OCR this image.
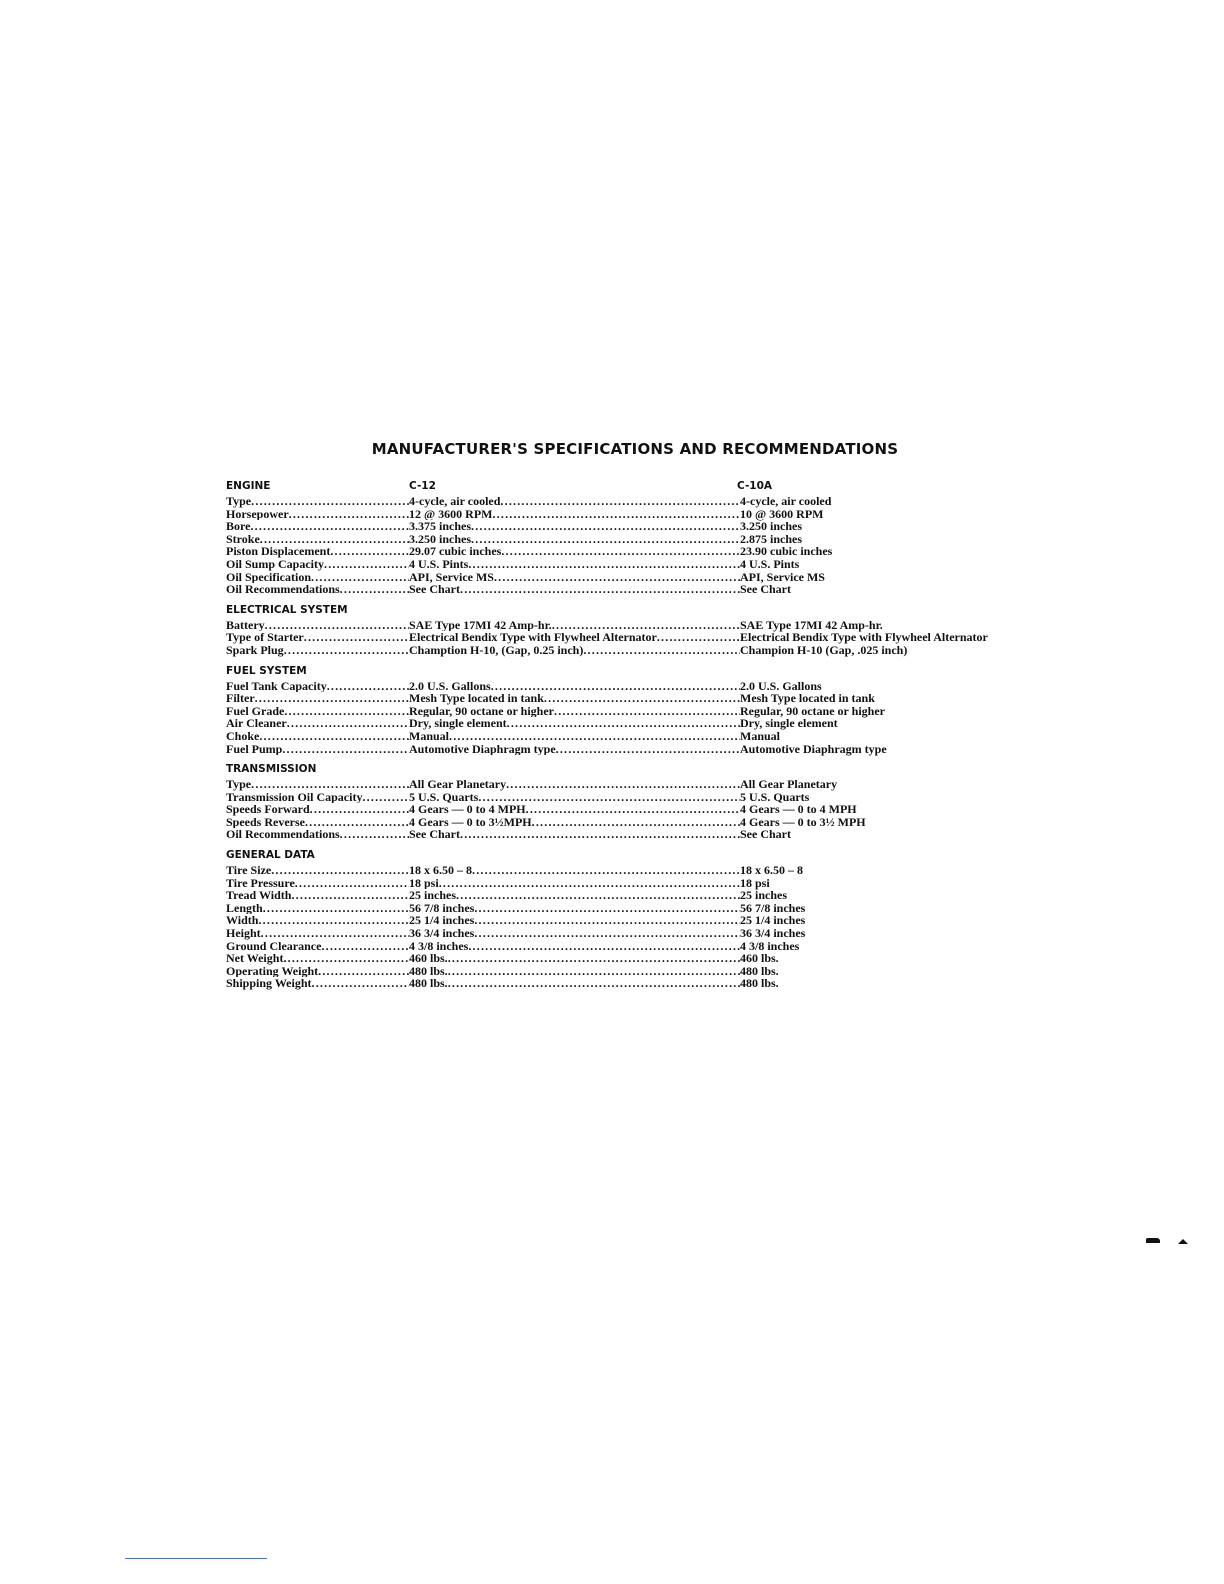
MANUFACTURER'S SPECIFICATIONS AND RECOMMENDATIONS
ENGINE	C-12	C-10A
Type .....	4-cycle, air cooled .....	4-cycle, air cooled
Horsepower .....	12 @ 3600 RPM .....	10 @ 3600 RPM
Bore .....	3.375 inches .....	3.250 inches
Stroke .....	3.250 inches .....	2.875 inches
Piston Displacement .....	29.07 cubic inches .....	23.90 cubic inches
Oil Sump Capacity .....	4 U.S. Pints .....	4 U.S. Pints
Oil Specification .....	API, Service MS .....	API, Service MS
Oil Recommendations .....	See Chart .....	See Chart
ELECTRICAL SYSTEM
Battery .....	SAE Type 17MI 42 Amp-hr. .....	SAE Type 17MI 42 Amp-hr.
Type of Starter .....	Electrical Bendix Type with Flywheel Alternator .....	Electrical Bendix Type with Flywheel Alternator
Spark Plug .....	Chamption H-10, (Gap, 0.25 inch) .....	Champion H-10 (Gap, .025 inch)
FUEL SYSTEM
Fuel Tank Capacity .....	2.0 U.S. Gallons .....	2.0 U.S. Gallons
Filter .....	Mesh Type located in tank .....	Mesh Type located in tank
Fuel Grade .....	Regular, 90 octane or higher .....	Regular, 90 octane or higher
Air Cleaner .....	Dry, single element .....	Dry, single element
Choke .....	Manual .....	Manual
Fuel Pump .....	Automotive Diaphragm type .....	Automotive Diaphragm type
TRANSMISSION
Type .....	All Gear Planetary .....	All Gear Planetary
Transmission Oil Capacity .....	5 U.S. Quarts .....	5 U.S. Quarts
Speeds Forward .....	4 Gears — 0 to 4 MPH .....	4 Gears — 0 to 4 MPH
Speeds Reverse .....	4 Gears — 0 to 3½MPH .....	4 Gears — 0 to 3½ MPH
Oil Recommendations .....	See Chart .....	See Chart
GENERAL DATA
Tire Size .....	18 x 6.50 – 8 .....	18 x 6.50 – 8
Tire Pressure .....	18 psi .....	18 psi
Tread Width .....	25 inches .....	25 inches
Length .....	56 7/8 inches .....	56 7/8 inches
Width .....	25 1/4 inches .....	25 1/4 inches
Height .....	36 3/4 inches .....	36 3/4 inches
Ground Clearance .....	4 3/8 inches .....	4 3/8 inches
Net Weight .....	460 lbs. .....	460 lbs.
Operating Weight .....	480 lbs. .....	480 lbs.
Shipping Weight .....	480 lbs. .....	480 lbs.
